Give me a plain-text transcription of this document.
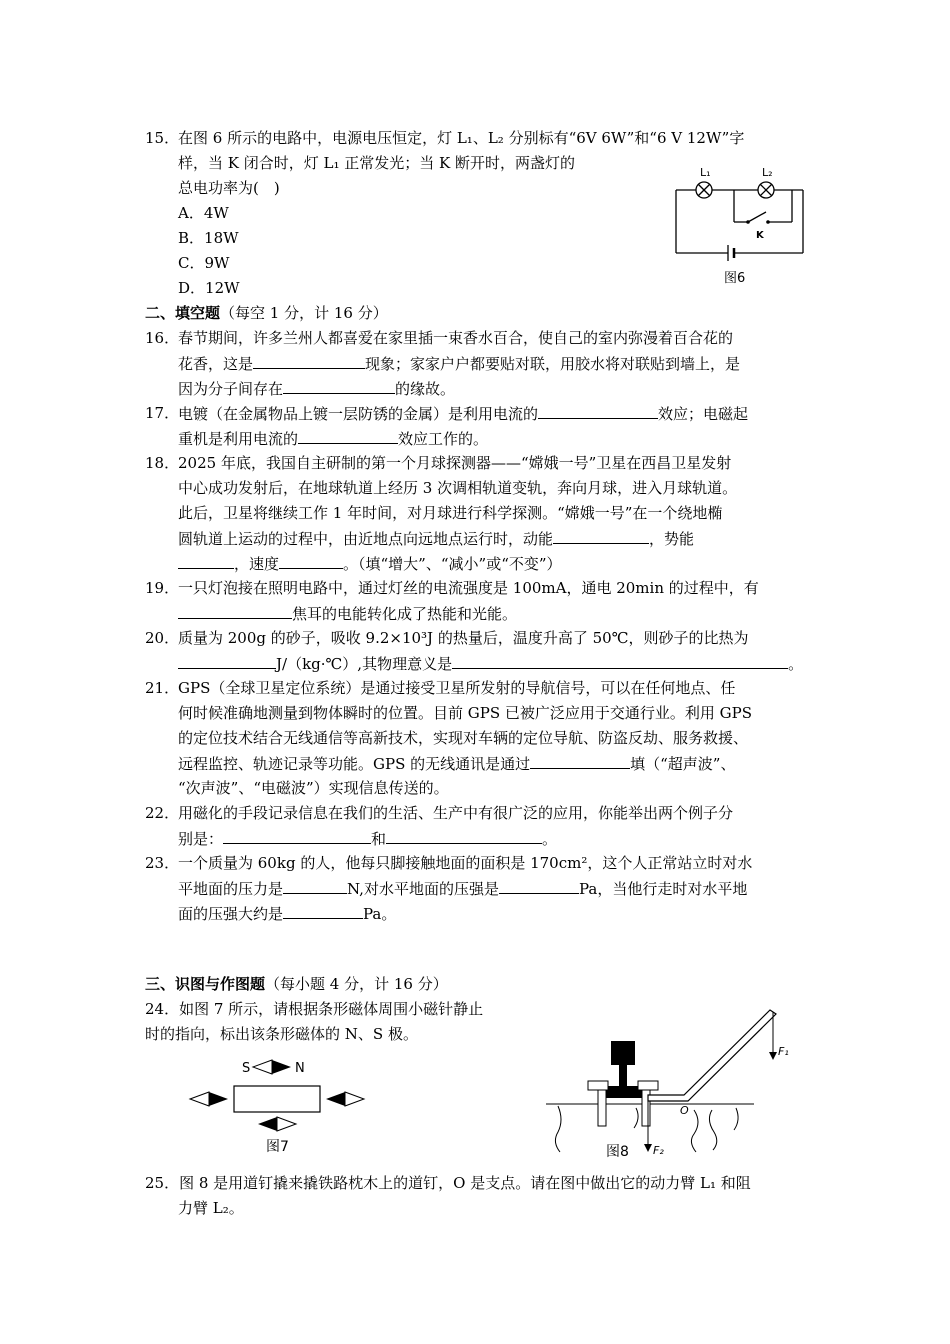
15．
在图 6 所示的电路中，电源电压恒定，灯 L₁、L₂ 分别标有“6V 6W”和“6 V 12W”字
样，当 K 闭合时，灯 L₁ 正常发光；当 K 断开时，两盏灯的
总电功率为(　)
A．4W
B．18W
C．9W
D．12W
L₁	L₂
K
图6
二、填空题（每空 1 分，计 16 分）
16．
春节期间，许多兰州人都喜爱在家里插一束香水百合，使自己的室内弥漫着百合花的
花香，这是	现象；家家户户都要贴对联，用胶水将对联贴到墙上，是
因为分子间存在	的缘故。
17．
电镀（在金属物品上镀一层防锈的金属）是利用电流的	效应；电磁起
重机是利用电流的	效应工作的。
18．
2025 年底，我国自主研制的第一个月球探测器——“嫦娥一号”卫星在西昌卫星发射
中心成功发射后，在地球轨道上经历 3 次调相轨道变轨，奔向月球，进入月球轨道。
此后，卫星将继续工作 1 年时间，对月球进行科学探测。“嫦娥一号”在一个绕地椭
圆轨道上运动的过程中，由近地点向远地点运行时，动能	，势能
，速度	。（填“增大”、“减小”或“不变”）
19．
一只灯泡接在照明电路中，通过灯丝的电流强度是 100mA，通电 20min 的过程中，有
焦耳的电能转化成了热能和光能。
20．
质量为 200g 的砂子，吸收 9.2×10³J 的热量后，温度升高了 50℃，则砂子的比热为
J/（kg·℃）,其物理意义是	。
21．
GPS（全球卫星定位系统）是通过接受卫星所发射的导航信号，可以在任何地点、任
何时候准确地测量到物体瞬时的位置。目前 GPS 已被广泛应用于交通行业。利用 GPS
的定位技术结合无线通信等高新技术，实现对车辆的定位导航、防盗反劫、服务救援、
远程监控、轨迹记录等功能。GPS 的无线通讯是通过	填（“超声波”、
“次声波”、“电磁波”）实现信息传送的。
22．
用磁化的手段记录信息在我们的生活、生产中有很广泛的应用，你能举出两个例子分
别是：	和	。
23．
一个质量为 60kg 的人，他每只脚接触地面的面积是 170cm²，这个人正常站立时对水
平地面的压力是	N,对水平地面的压强是	Pa，当他行走时对水平地
面的压强大约是	Pa。
三、识图与作图题（每小题 4 分，计 16 分）
24．如图 7 所示，请根据条形磁体周围小磁针静止
时的指向，标出该条形磁体的 N、S 极。
S	N
图7
F₁
F₂
O
图8
25．图 8 是用道钉撬来撬铁路枕木上的道钉，O 是支点。请在图中做出它的动力臂 L₁ 和阻
力臂 L₂。
